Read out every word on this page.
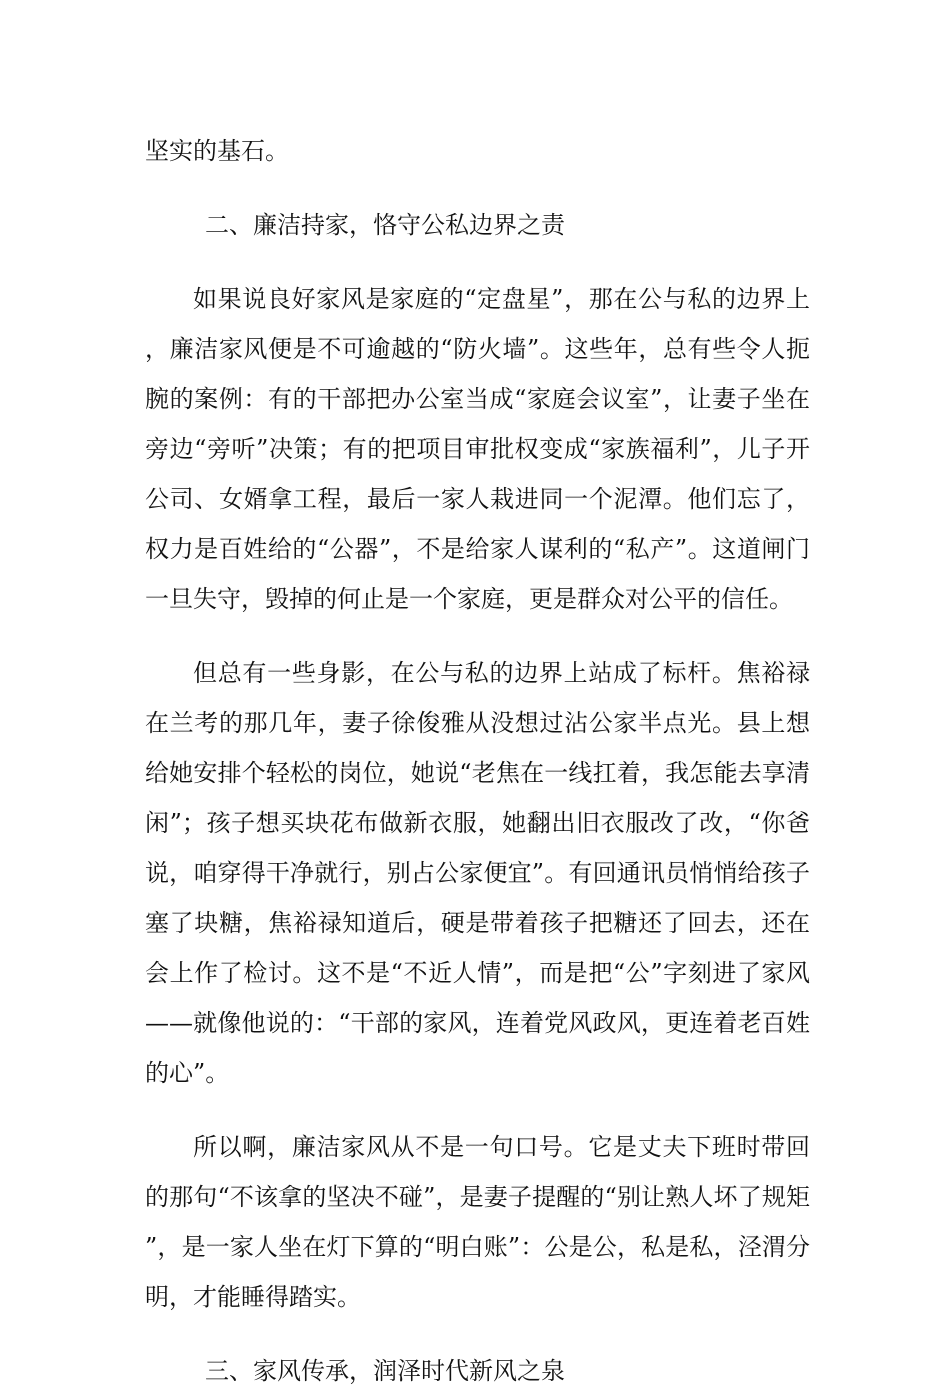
坚实的基石。

二、廉洁持家，恪守公私边界之责

如果说良好家风是家庭的“定盘星”，那在公与私的边界上，廉洁家风便是不可逾越的“防火墙”。这些年，总有些令人扼腕的案例：有的干部把办公室当成“家庭会议室”，让妻子坐在旁边“旁听”决策；有的把项目审批权变成“家族福利”，儿子开公司、女婿拿工程，最后一家人栽进同一个泥潭。他们忘了，权力是百姓给的“公器”，不是给家人谋利的“私产”。这道闸门一旦失守，毁掉的何止是一个家庭，更是群众对公平的信任。

但总有一些身影，在公与私的边界上站成了标杆。焦裕禄在兰考的那几年，妻子徐俊雅从没想过沾公家半点光。县上想给她安排个轻松的岗位，她说“老焦在一线扛着，我怎能去享清闲”；孩子想买块花布做新衣服，她翻出旧衣服改了改，“你爸说，咱穿得干净就行，别占公家便宜”。有回通讯员悄悄给孩子塞了块糖，焦裕禄知道后，硬是带着孩子把糖还了回去，还在会上作了检讨。这不是“不近人情”，而是把“公”字刻进了家风——就像他说的：“干部的家风，连着党风政风，更连着老百姓的心”。

所以啊，廉洁家风从不是一句口号。它是丈夫下班时带回的那句“不该拿的坚决不碰”，是妻子提醒的“别让熟人坏了规矩”，是一家人坐在灯下算的“明白账”：公是公，私是私，泾渭分明，才能睡得踏实。

三、家风传承，润泽时代新风之泉
